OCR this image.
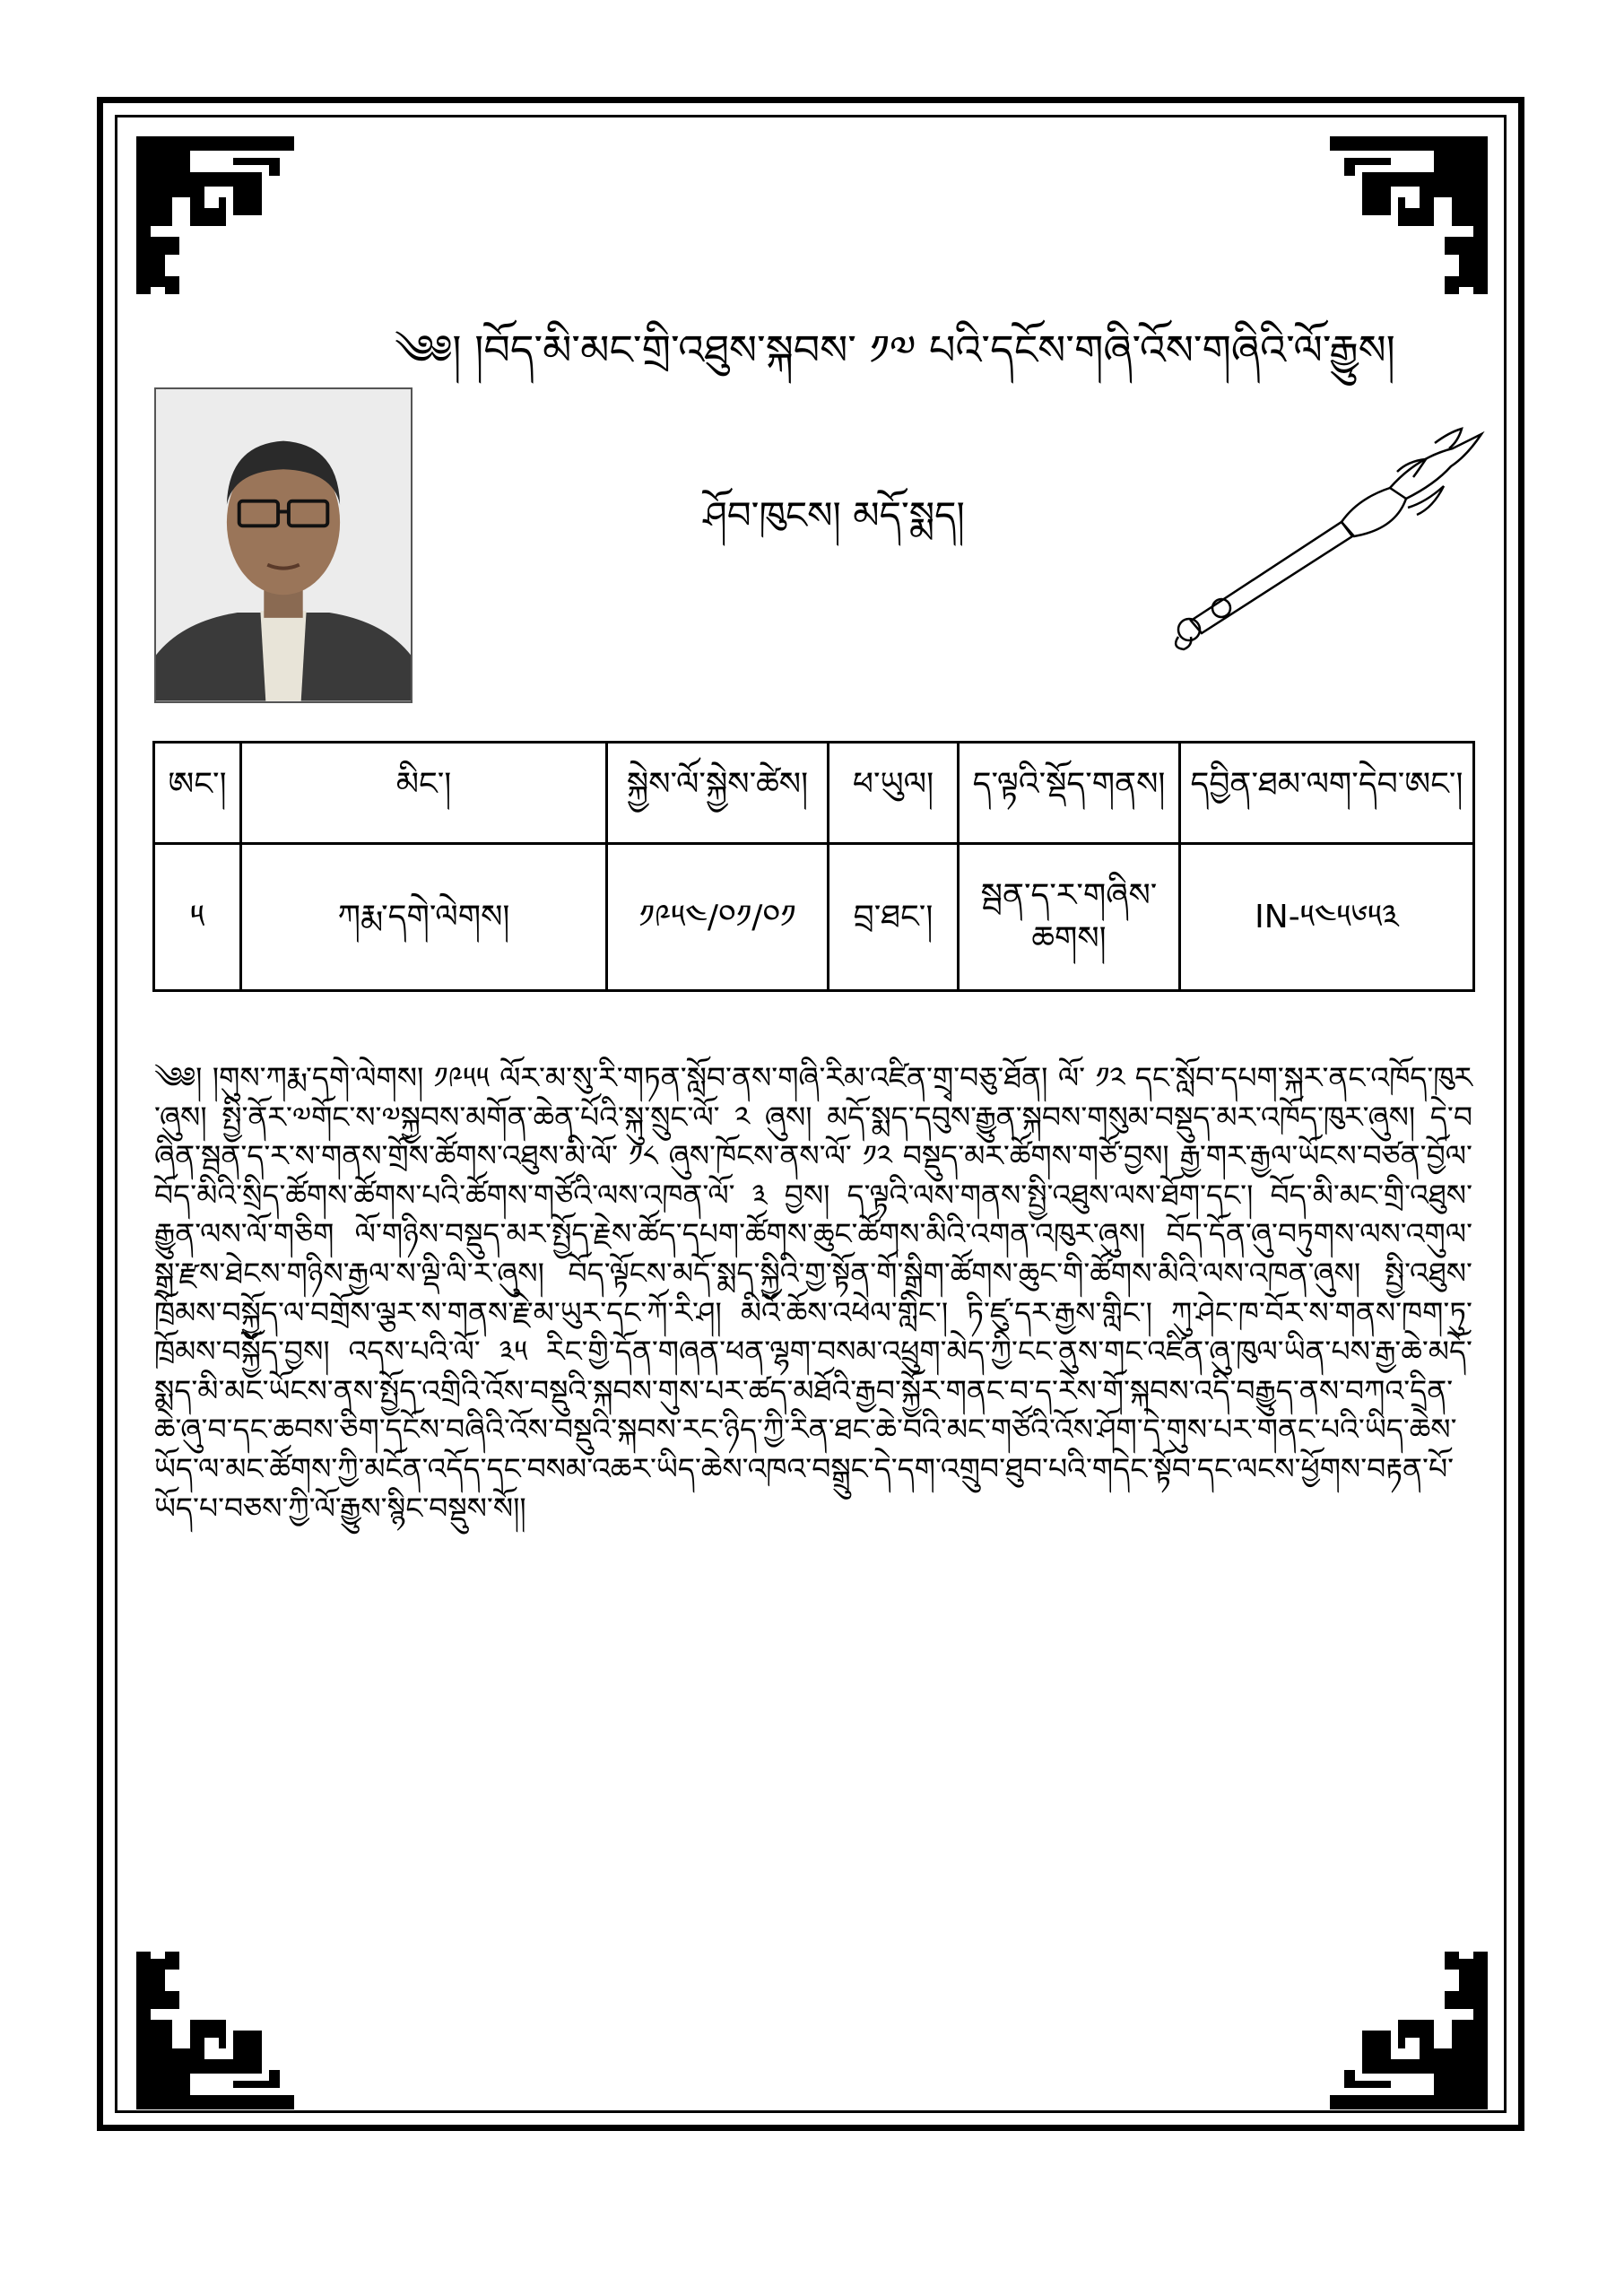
༄༅། །བོད་མི་མང་གྲི་འཐུས་སྐབས་ ༡༧ པའི་དངོས་གཞི་འོས་གཞིའི་ལོ་རྒྱུས།
ཤོབ་ཁུངས། མདོ་སྨད།
ཨང་།	མིང་།	སྐྱེས་ལོ་སྐྱེས་ཚེས།	ཕ་ཡུལ།	ད་ལྟའི་སྡོད་གནས།	དབྱིན་ཐམ་ལག་དེབ་ཨང་།
༥	ཀརྨ་དགེ་ལེགས།	༡༩༥༤/༠༡/༠༡	བྲ་ཐང་།	སྦན་ད་ར་གཞིས་ཆགས།	IN-༥༤༥༦༥༣
༄༅། །གུས་ཀརྨ་དགེ་ལེགས། ༡༩༥༥ ལོར་མ་སུ་རི་གཏན་སློབ་ནས་གཞི་རིམ་འཛིན་གྲྭ་བཅུ་ཐོན། ལོ་ ༡༢ དང་སློབ་དཔག་སྐར་ནང་འཁོད་ཁུར་ཞུས། སྤྱི་ནོར་༧གོང་ས་༧སྐྱབས་མགོན་ཆེན་པོའི་སྐུ་སྲུང་ལོ་ ༢ ཞུས། མདོ་སྨད་དབུས་རྒྱུན་སྐབས་གསུམ་བསྡུད་མར་འཁོད་ཁུར་ཞུས། དེ་བཞིན་སྦན་ད་ར་ས་གནས་གྲོས་ཚོགས་འཐུས་མི་ལོ་ ༡༨ ཞུས་ཁོངས་ནས་ལོ་ ༡༢ བསྡུད་མར་ཚོགས་གཙོ་བྱས། རྒྱ་གར་རྒྱལ་ཡོངས་བཙན་བྱོལ་བོད་མིའི་སྲིད་ཚོགས་ཚོགས་པའི་ཚོགས་གཙོའི་ལས་འཁན་ལོ་ ༣ བྱས། ད་ལྟའི་ལས་གནས་སྤྱི་འཐུས་ལས་ཐོག་དང་། བོད་མི་མང་གྲི་འཐུས་རྒྱུན་ལས་ལོ་གཅིག ལོ་གཉིས་བསྡུད་མར་སྤྱོད་རྗེས་ཚོད་དཔག་ཚོགས་ཆུང་ཚོགས་མིའི་འགན་འཁུར་ཞུས། བོད་དོན་ཞུ་བཏུགས་ལས་འགུལ་སྒྲ་རྫས་ཐེངས་གཉིས་རྒྱལ་ས་ལྡི་ལི་ར་ཞུས། བོད་ལྟོངས་མདོ་སྨད་སྐྱིའི་གྱ་སྟོན་གོ་སྒྲིག་ཚོགས་ཆུང་གི་ཚོགས་མིའི་ལས་འཁན་ཞུས། སྤྱི་འཐུས་ཁྲོམས་བསྐྱོད་ལ་བགྲོས་ལྕར་ས་གནས་རྗེ་མ་ཡུར་དང་ཀོ་རི་ཤ། མིའོ་ཆོས་འཕེལ་གླིང་། ཏི་ཛུ་དར་རྒྱས་གླིང་། ཀུ་ཤེང་ཁ་བོར་ས་གནས་ཁག་ཏུ་ཁྲོམས་བསྐྱོད་བྱས། འདས་པའི་ལོ་ ༣༥ རིང་གྱི་དོན་གཞན་ཕན་ལྷག་བསམ་འཕྲུག་མེད་ཀྱི་ངང་ནུས་གང་འཛིན་ཞུ་ཁུལ་ཡིན་པས་རྒྱ་ཆེ་མདོ་སྨད་མི་མང་ཡོངས་ནས་སྤྱོད་འགྲིའི་འོས་བསྡུའི་སྐབས་གུས་པར་ཚད་མཐོའི་རྒྱབ་སྐྱོར་གནང་བ་ད་རེས་གོ་སྐབས་འདི་བརྒྱུད་ནས་བཀའ་དྲིན་ཆེ་ཞུ་བ་དང་ཆབས་ཅིག་དངོས་བཞིའི་འོས་བསྡུའི་སྐབས་རང་ཉིད་ཀྱི་རིན་ཐང་ཆེ་བའི་མང་གཙོའི་འོས་ཤོག་དེ་གུས་པར་གནང་པའི་ཡིད་ཆེས་ཡོད་ལ་མང་ཚོགས་ཀྱི་མངོན་འདོད་དང་བསམ་འཆར་ཡིད་ཆེས་འཁའ་བསྒྲུང་དེ་དག་འགྲུབ་ཐུབ་པའི་གདེང་སྟོབ་དང་ལངས་ཕྱོགས་བརྟན་པོ་ཡོད་པ་བཅས་ཀྱི་ལོ་རྒྱུས་སྙིང་བསྡུས་སོ།།
